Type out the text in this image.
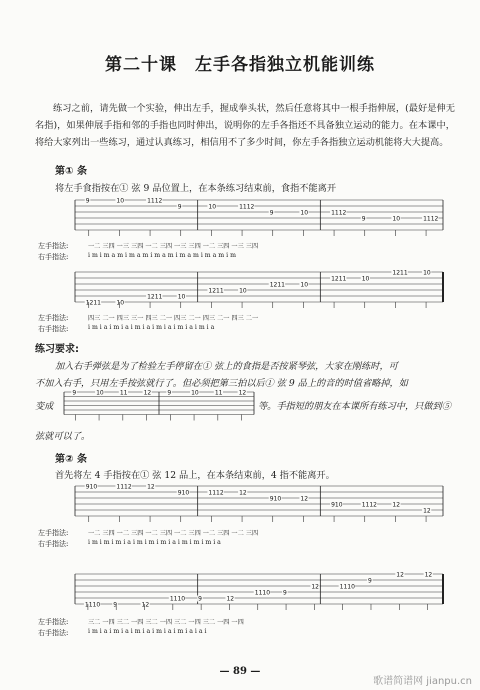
第二十课　左手各指独立机能训练

练习之前，请先做一个实验，伸出左手，握成拳头状，然后任意将其中一根手指伸展，(最好是伸无名指)，如果伸展手指和邻的手指也同时伸出，说明你的左手各指还不具备独立运动的能力。在本课中，将给大家列出一些练习，通过认真练习，相信用不了多少时间，你左手各指独立运动机能将大大提高。

第① 条
将左手食指按在① 弦 9 品位置上，在本条练习结束前，食指不能离开
9	10	1112
9	10	1112
9	10	1112
9	10	1112
左手指法:
右手指法:
一二 三四 一三 三四 一二 三四 一三 三四 一二 三四 一三 三四
i m i m a m i m a m i m a m i m a m i m a m i m
1211	10
1211	10
1211	10
1211	10
1211	10
1211	10
左手指法:
右手指法:
四三 二一 四三 三一 四三 二一 四三 二一 四三 二一 四三 二一
i m i a i m i a i m i a i m i a i m i a i m i a
练习要求:
加入右手弹弦是为了检验左手停留在① 弦上的食指是否按紧琴弦，大家在刚练时，可
不加入右手，只用左手按弦就行了。但必须把第三拍以后① 弦 9 品上的音的时值省略掉，如
变成
9	10	11	12	9	10	11	12
等。手指短的朋友在本课所有练习中，只做到⑤
弦就可以了。
第② 条
首先将左 4 手指按在① 弦 12 品上，在本条结束前，4 指不能离开。
910	1112	12
910	1112	12
910	12
910	1112	12
12
左手指法:
右手指法:
一二 三四 一二 三四 一二 三四 一二 三四 一二 三四 一二 三四
i m i m i m i a i m i m i m i a i m i m i m i a
1110 9	12
1110 9	12
1110 9
12	1110
9
12	12
左手指法:
右手指法:
三二 一四 三二 一四 三二 一四 三二 一四 三二 一四 一四
i m i a i m i a i m i a i m i a i m i a i a i
— 89 —
歌谱简谱网 jianpu.cn
